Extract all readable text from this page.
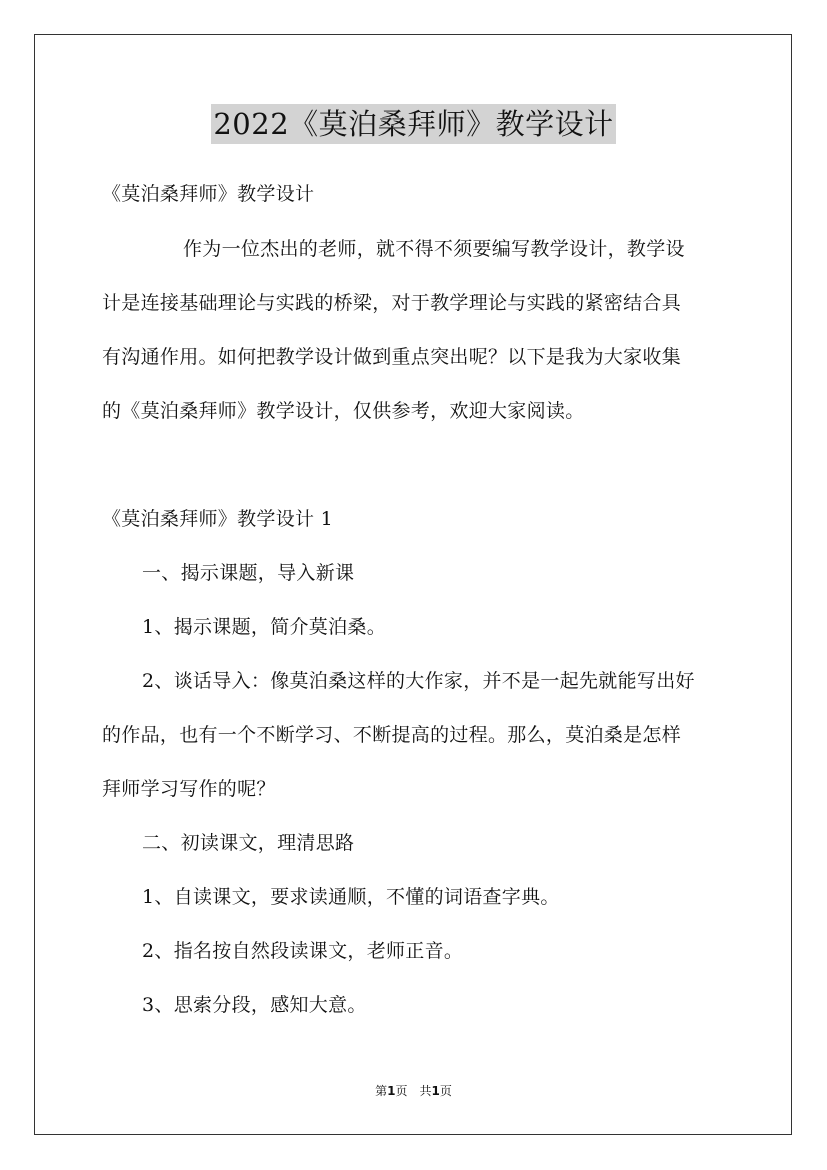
2022《莫泊桑拜师》教学设计
《莫泊桑拜师》教学设计
作为一位杰出的老师，就不得不须要编写教学设计，教学设
计是连接基础理论与实践的桥梁，对于教学理论与实践的紧密结合具
有沟通作用。如何把教学设计做到重点突出呢？以下是我为大家收集
的《莫泊桑拜师》教学设计，仅供参考，欢迎大家阅读。
《莫泊桑拜师》教学设计 1
一、揭示课题，导入新课
1、揭示课题，简介莫泊桑。
2、谈话导入：像莫泊桑这样的大作家，并不是一起先就能写出好
的作品，也有一个不断学习、不断提高的过程。那么，莫泊桑是怎样
拜师学习写作的呢？
二、初读课文，理清思路
1、自读课文，要求读通顺，不懂的词语查字典。
2、指名按自然段读课文，老师正音。
3、思索分段，感知大意。
第1页　共1页
